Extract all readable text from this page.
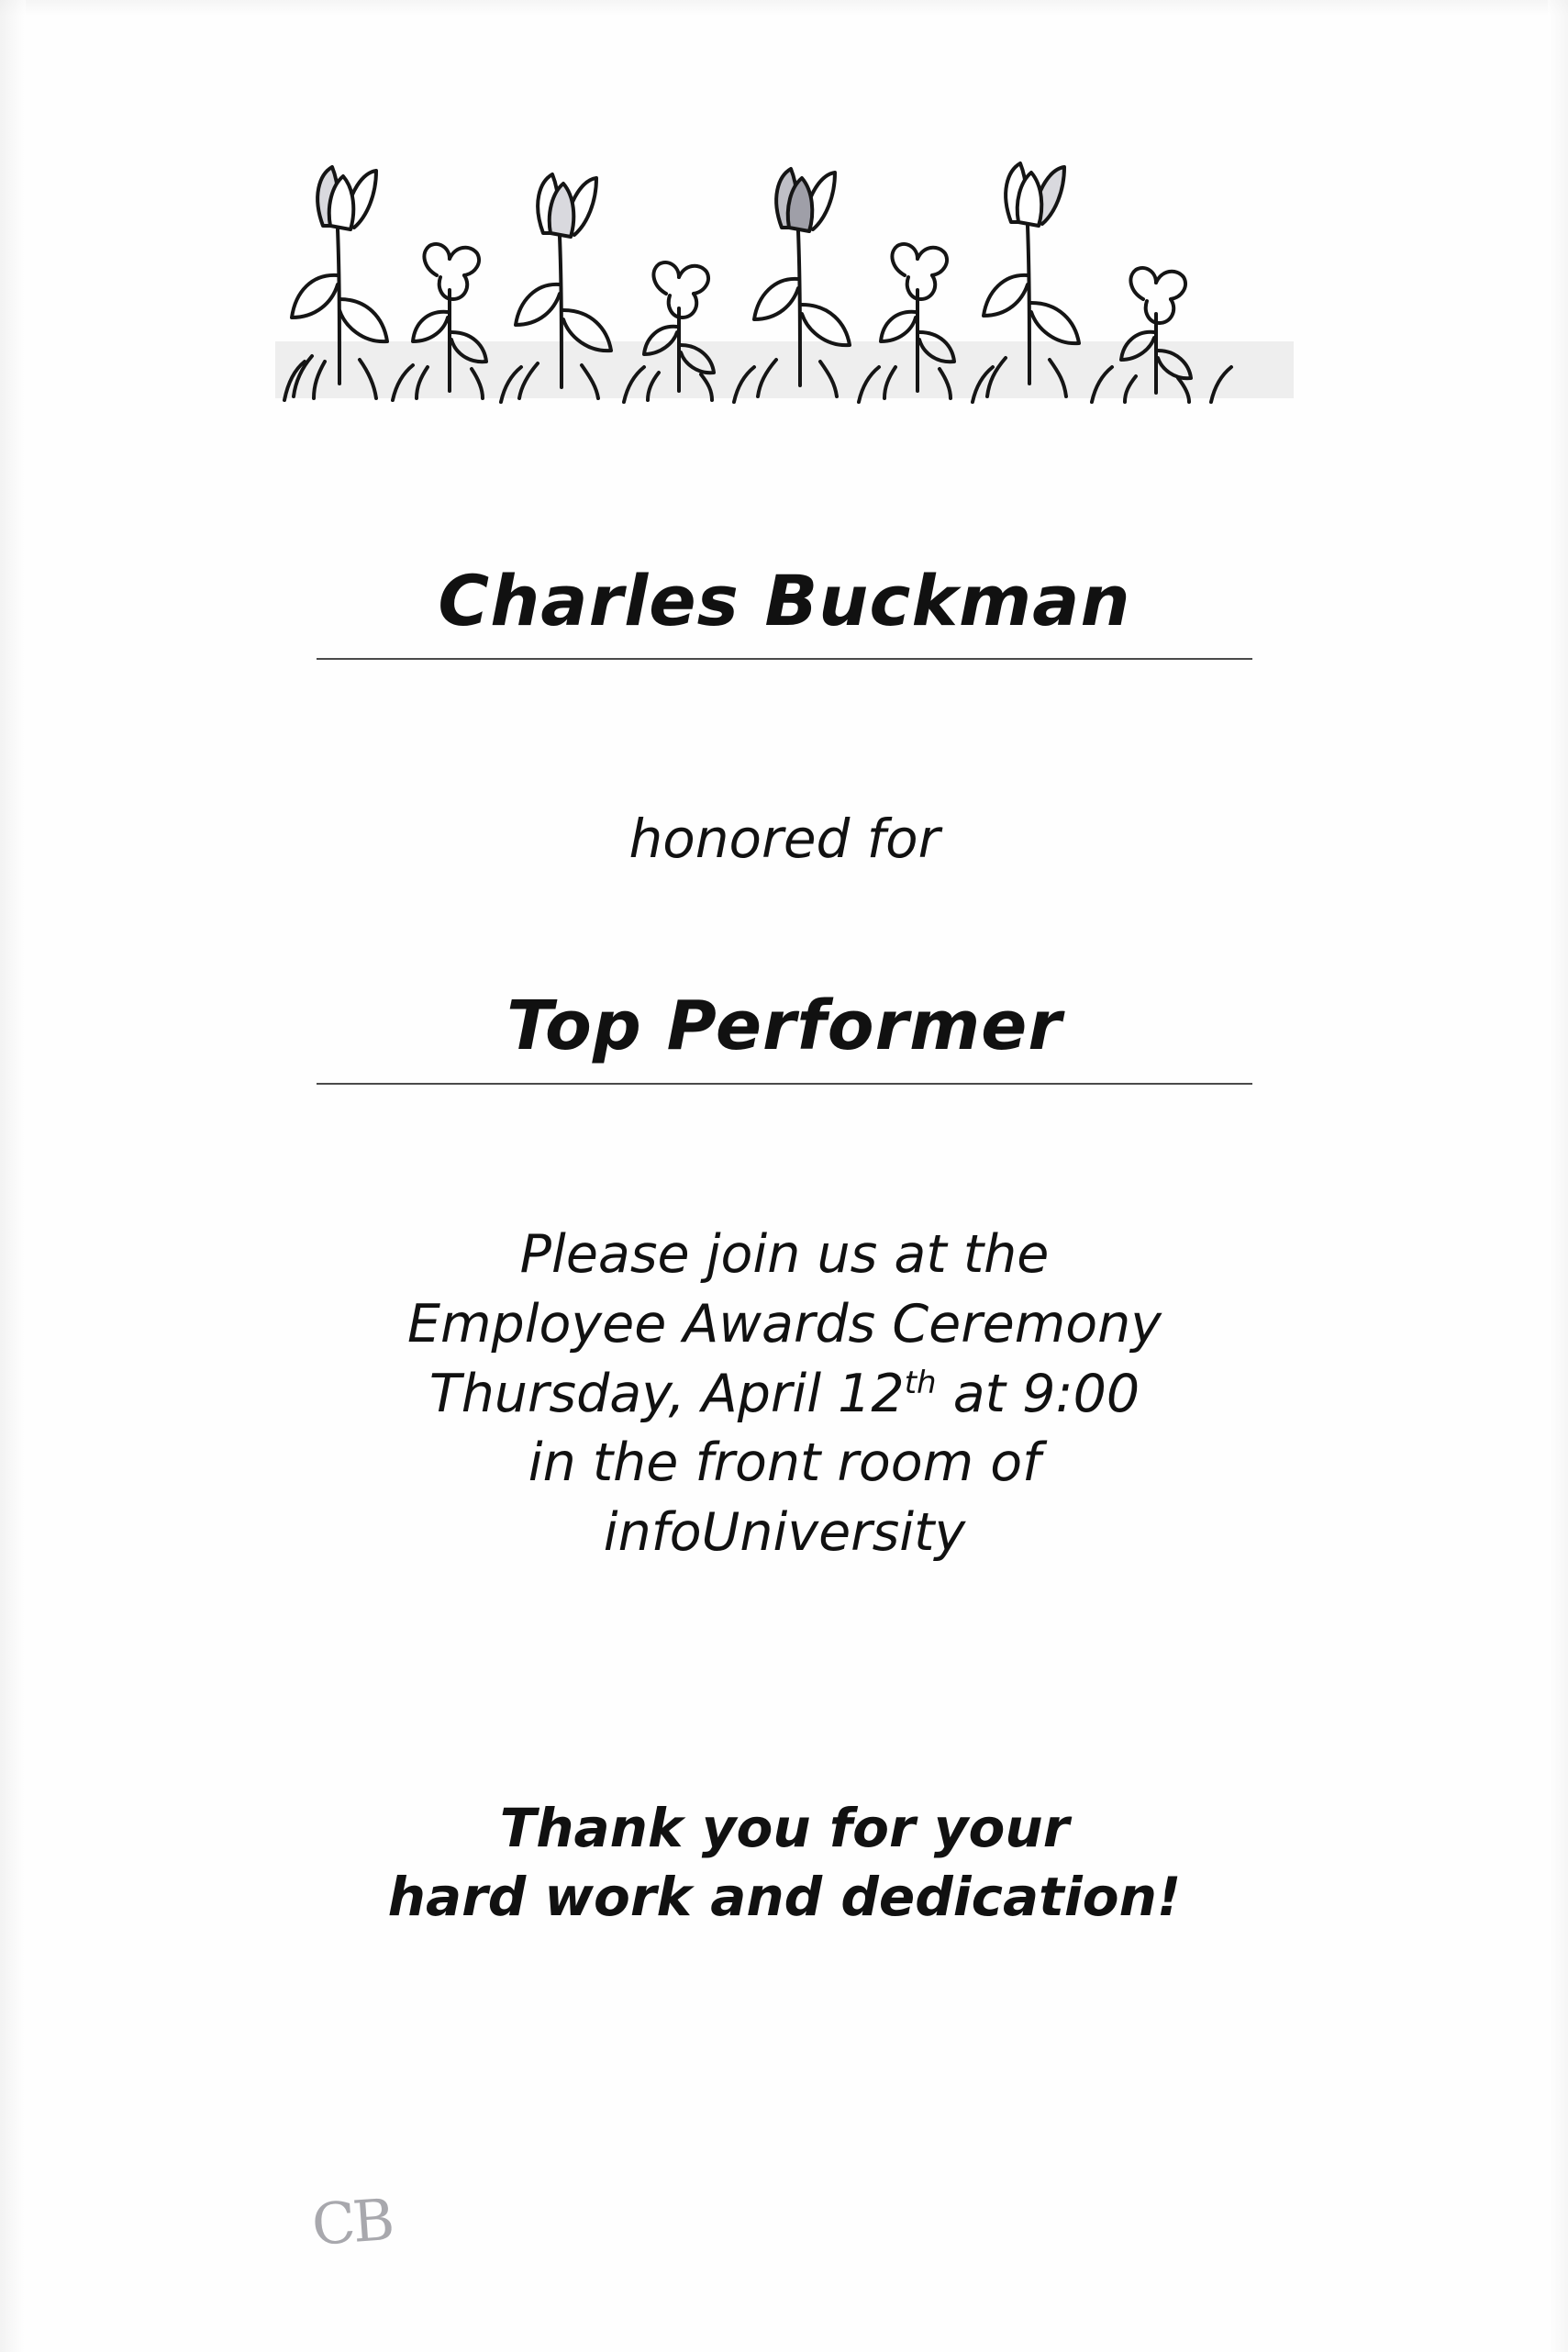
Charles Buckman
honored for
Top Performer
Please join us at the
Employee Awards Ceremony
Thursday, April 12th at 9:00
in the front room of
infoUniversity
Thank you for your
hard work and dedication!
CB
